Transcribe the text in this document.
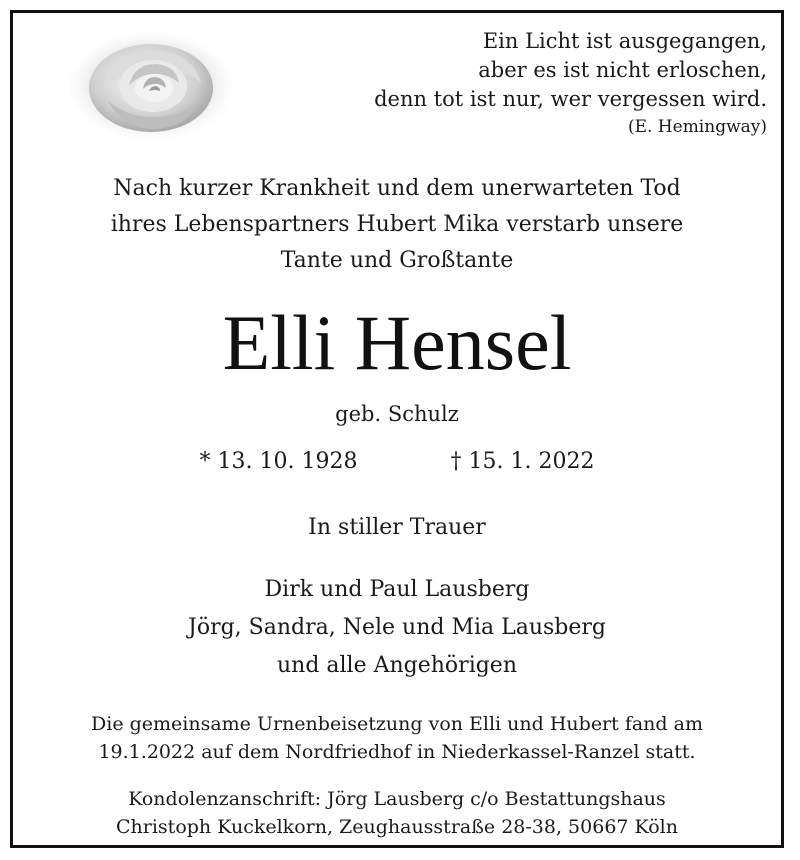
Ein Licht ist ausgegangen,
aber es ist nicht erloschen,
denn tot ist nur, wer vergessen wird.
(E. Hemingway)
Nach kurzer Krankheit und dem unerwarteten Tod
ihres Lebenspartners Hubert Mika verstarb unsere
Tante und Großtante
Elli Hensel
geb. Schulz
* 13. 10. 1928	† 15. 1. 2022
In stiller Trauer
Dirk und Paul Lausberg
Jörg, Sandra, Nele und Mia Lausberg
und alle Angehörigen
Die gemeinsame Urnenbeisetzung von Elli und Hubert fand am
19.1.2022 auf dem Nordfriedhof in Niederkassel-Ranzel statt.
Kondolenzanschrift: Jörg Lausberg c/o Bestattungshaus
Christoph Kuckelkorn, Zeughausstraße 28-38, 50667 Köln
